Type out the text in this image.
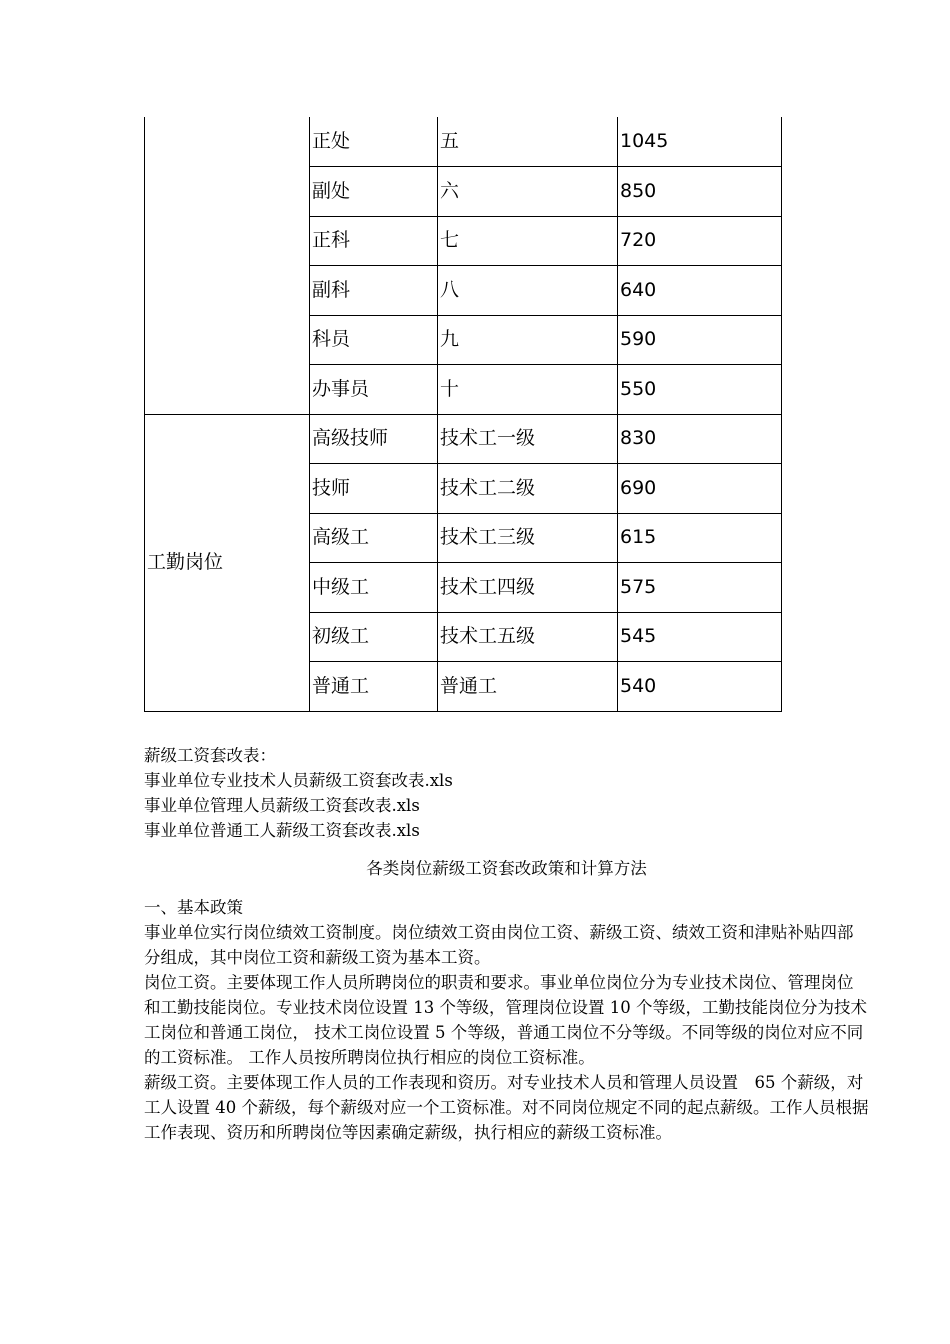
	正处	五	1045
	副处	六	850
	正科	七	720
	副科	八	640
	科员	九	590
	办事员	十	550
工勤岗位	高级技师	技术工一级	830
	技师	技术工二级	690
	高级工	技术工三级	615
	中级工	技术工四级	575
	初级工	技术工五级	545
	普通工	普通工	540

薪级工资套改表：

事业单位专业技术人员薪级工资套改表.xls

事业单位管理人员薪级工资套改表.xls

事业单位普通工人薪级工资套改表.xls

各类岗位薪级工资套改政策和计算方法

一、基本政策

事业单位实行岗位绩效工资制度。岗位绩效工资由岗位工资、薪级工资、绩效工资和津贴补贴四部分组成，其中岗位工资和薪级工资为基本工资。

岗位工资。主要体现工作人员所聘岗位的职责和要求。事业单位岗位分为专业技术岗位、管理岗位和工勤技能岗位。专业技术岗位设置 13 个等级，管理岗位设置 10 个等级，工勤技能岗位分为技术工岗位和普通工岗位， 技术工岗位设置 5 个等级，普通工岗位不分等级。不同等级的岗位对应不同的工资标准。 工作人员按所聘岗位执行相应的岗位工资标准。

薪级工资。主要体现工作人员的工作表现和资历。对专业技术人员和管理人员设置　65 个薪级，对工人设置 40 个薪级，每个薪级对应一个工资标准。对不同岗位规定不同的起点薪级。工作人员根据工作表现、资历和所聘岗位等因素确定薪级，执行相应的薪级工资标准。
